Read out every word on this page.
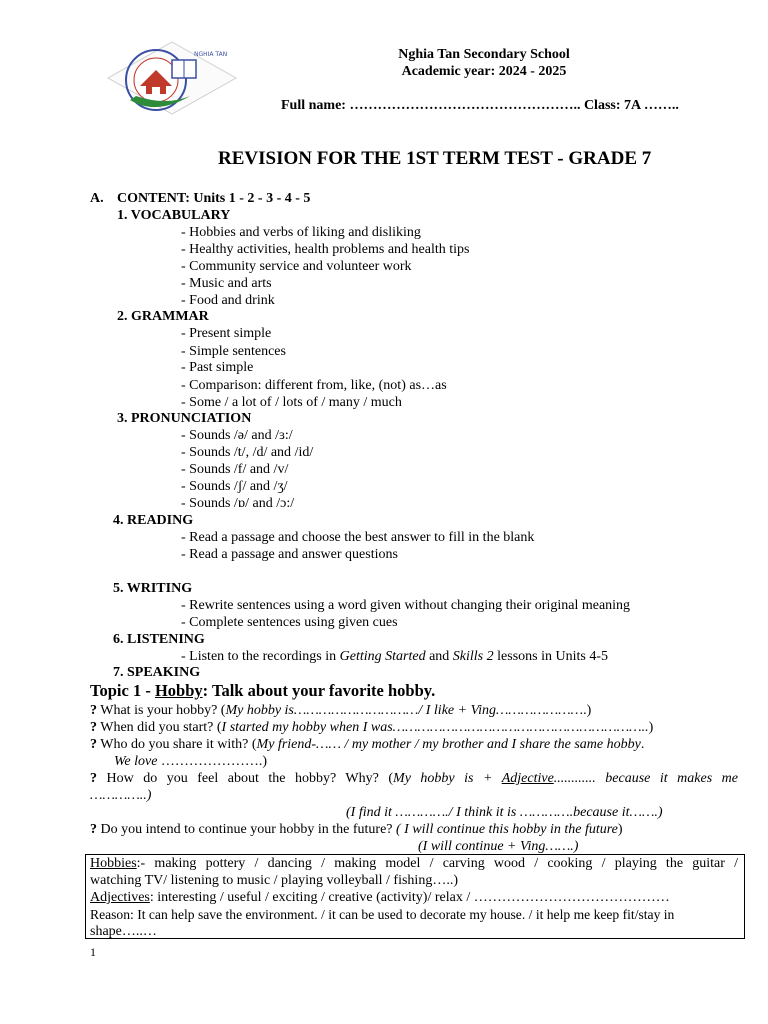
NGHIA TAN	Nghia Tan Secondary School
Academic year: 2024 - 2025
Full name: ………………………………………….. Class: 7A ……..
REVISION FOR THE 1ST TERM TEST - GRADE 7
A. CONTENT: Units 1 - 2 - 3 - 4 - 5
1. VOCABULARY
- Hobbies and verbs of liking and disliking
- Healthy activities, health problems and health tips
- Community service and volunteer work
- Music and arts
- Food and drink
2. GRAMMAR
- Present simple
- Simple sentences
- Past simple
- Comparison: different from, like, (not) as…as
- Some / a lot of / lots of / many / much
3. PRONUNCIATION
- Sounds /ə/ and /ɜ:/
- Sounds /t/, /d/ and /id/
- Sounds /f/ and /v/
- Sounds /ʃ/ and /ʒ/
- Sounds /ɒ/ and /ɔ:/
4. READING
- Read a passage and choose the best answer to fill in the blank
- Read a passage and answer questions
5. WRITING
- Rewrite sentences using a word given without changing their original meaning
- Complete sentences using given cues
6. LISTENING
- Listen to the recordings in Getting Started and Skills 2 lessons in Units 4-5
7. SPEAKING
Topic 1 - Hobby: Talk about your favorite hobby.
? What is your hobby? (My hobby is…………………………/ I like + Ving………………….)
? When did you start? (I started my hobby when I was……………………………………………………..)
? Who do you share it with? (My friend-…… / my mother / my brother and I share the same hobby.
We love ………………….)
? How do you feel about the hobby? Why? (My hobby is + Adjective............ because it makes me
…………..)
(I find it …………./ I think it is ………….because it…….)
? Do you intend to continue your hobby in the future? ( I will continue this hobby in the future)
(I will continue + Ving…….)
Hobbies:- making pottery / dancing / making model / carving wood / cooking / playing the guitar /
watching TV/ listening to music / playing volleyball / fishing…..)
Adjectives: interesting / useful / exciting / creative (activity)/ relax / ……………………………………
Reason: It can help save the environment. / it can be used to decorate my house. / it help me keep fit/stay in
shape…..…
1
